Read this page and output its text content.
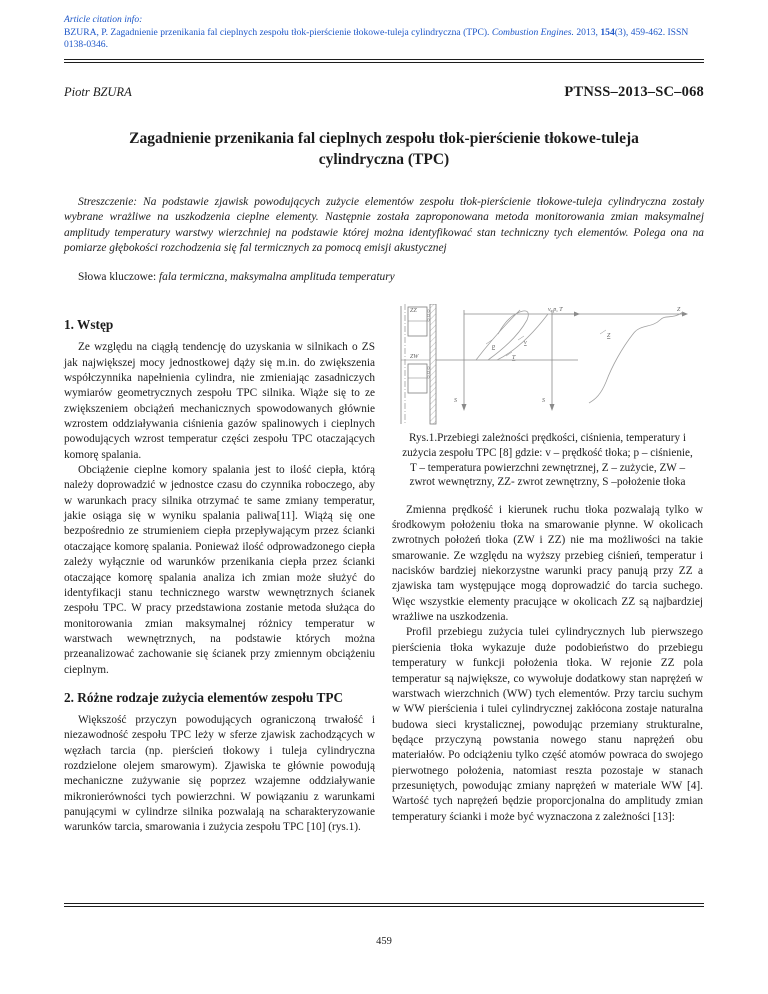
Article citation info:
BZURA, P. Zagadnienie przenikania fal cieplnych zespołu tłok-pierścienie tłokowe-tuleja cylindryczna (TPC). Combustion Engines. 2013, 154(3), 459-462. ISSN 0138-0346.
Piotr BZURA	PTNSS–2013–SC–068
Zagadnienie przenikania fal cieplnych zespołu tłok-pierścienie tłokowe-tuleja cylindryczna (TPC)
Streszczenie: Na podstawie zjawisk powodujących zużycie elementów zespołu tłok-pierścienie tłokowe-tuleja cylindryczna zostały wybrane wrażliwe na uszkodzenia cieplne elementy. Następnie została zaproponowana metoda monitorowania zmian maksymalnej amplitudy temperatury warstwy wierzchniej na podstawie której można identyfikować stan techniczny tych elementów. Polega ona na pomiarze głębokości rozchodzenia się fal termicznych za pomocą emisji akustycznej
Słowa kluczowe: fala termiczna, maksymalna amplituda temperatury
1. Wstęp

Ze względu na ciągłą tendencję do uzyskania w silnikach o ZS jak największej mocy jednostkowej dąży się m.in. do zwiększenia współczynnika napełnienia cylindra, nie zmieniając zasadniczych wymiarów geometrycznych zespołu TPC silnika. Wiąże się to ze zwiększeniem obciążeń mechanicznych spowodowanych głównie wzrostem oddziaływania ciśnienia gazów spalinowych i cieplnych powodujących wzrost temperatur części zespołu TPC otaczających komorę spalania.

Obciążenie cieplne komory spalania jest to ilość ciepła, którą należy doprowadzić w jednostce czasu do czynnika roboczego, aby w warunkach pracy silnika otrzymać te same zmiany temperatur, jakie osiąga się w wyniku spalania paliwa[11]. Wiążą się one bezpośrednio ze strumieniem ciepła przepływającym przez ścianki otaczające komorę spalania. Ponieważ ilość odprowadzonego ciepła zależy wyłącznie od warunków przenikania ciepła przez ścianki otaczające komorę spalania analiza ich zmian może służyć do identyfikacji stanu technicznego warstw wewnętrznych ścianek zespołu TPC. W pracy przedstawiona zostanie metoda służąca do monitorowania zmian maksymalnej różnicy temperatur w warstwach wewnętrznych, na podstawie których można przeanalizować zachowanie się ścianek przy zmiennym obciążeniu cieplnym.

2. Różne rodzaje zużycia elementów zespołu TPC

Większość przyczyn powodujących ograniczoną trwałość i niezawodność zespołu TPC leży w sferze zjawisk zachodzących w węzłach tarcia (np. pierścień tłokowy i tuleja cylindryczna rozdzielone olejem smarowym). Zjawiska te głównie powodują mechaniczne zużywanie się poprzez wzajemne oddziaływanie mikronierówności tych powierzchni. W powiązaniu z warunkami panującymi w cylindrze silnika pozwalają na scharakteryzowanie warunków tarcia, smarowania i zużycia zespołu TPC [10] (rys.1).

ZZ
ZW
v, p, T	Z
p
v
T
Z
S	S
Rys.1.Przebiegi zależności prędkości, ciśnienia, temperatury i zużycia zespołu TPC [8] gdzie: v – prędkość tłoka; p – ciśnienie, T – temperatura powierzchni zewnętrznej, Z – zużycie, ZW – zwrot wewnętrzny, ZZ- zwrot zewnętrzny, S –położenie tłoka

Zmienna prędkość i kierunek ruchu tłoka pozwalają tylko w środkowym położeniu tłoka na smarowanie płynne. W okolicach zwrotnych położeń tłoka (ZW i ZZ) nie ma możliwości na takie smarowanie. Ze względu na wyższy przebieg ciśnień, temperatur i nacisków bardziej niekorzystne warunki pracy panują przy ZZ a zjawiska tam występujące mogą doprowadzić do tarcia suchego. Więc wszystkie elementy pracujące w okolicach ZZ są najbardziej wrażliwe na uszkodzenia.

Profil przebiegu zużycia tulei cylindrycznych lub pierwszego pierścienia tłoka wykazuje duże podobieństwo do przebiegu temperatury w funkcji położenia tłoka. W rejonie ZZ pola temperatur są największe, co wywołuje dodatkowy stan naprężeń w warstwach wierzchnich (WW) tych elementów. Przy tarciu suchym w WW pierścienia i tulei cylindrycznej zakłócona zostaje naturalna budowa sieci krystalicznej, powodując przemiany strukturalne, będące przyczyną powstania nowego stanu naprężeń obu materiałów. Po odciążeniu tylko część atomów powraca do swojego pierwotnego położenia, natomiast reszta pozostaje w stanach przesuniętych, powodując zmiany naprężeń w materiale WW [4]. Wartość tych naprężeń będzie proporcjonalna do amplitudy zmian temperatury ścianki i może być wyznaczona z zależności [13]:

459
